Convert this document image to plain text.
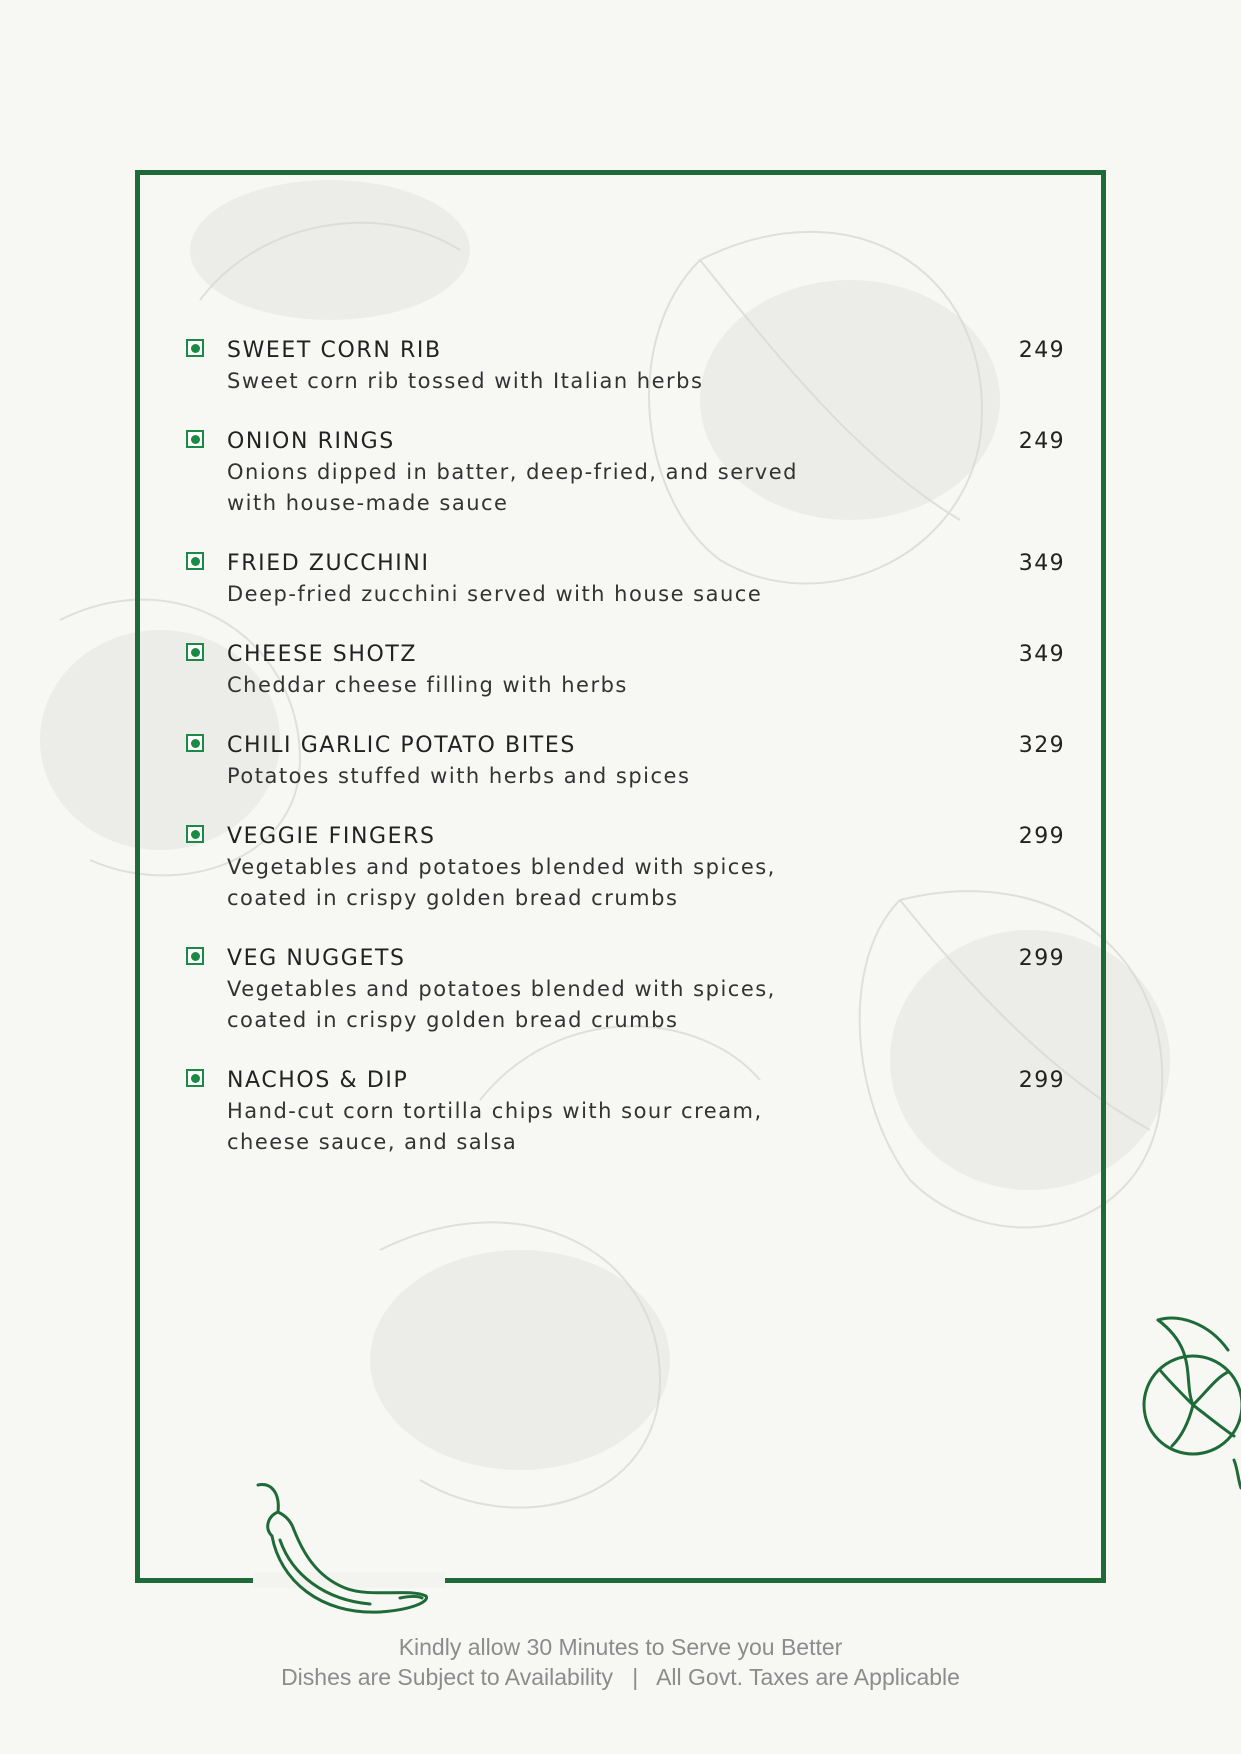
SWEET CORN RIB	249
Sweet corn rib tossed with Italian herbs
ONION RINGS	249
Onions dipped in batter, deep-fried, and served with house-made sauce
FRIED ZUCCHINI	349
Deep-fried zucchini served with house sauce
CHEESE SHOTZ	349
Cheddar cheese filling with herbs
CHILI GARLIC POTATO BITES	329
Potatoes stuffed with herbs and spices
VEGGIE FINGERS	299
Vegetables and potatoes blended with spices, coated in crispy golden bread crumbs
VEG NUGGETS	299
Vegetables and potatoes blended with spices, coated in crispy golden bread crumbs
NACHOS & DIP	299
Hand-cut corn tortilla chips with sour cream, cheese sauce, and salsa
Kindly allow 30 Minutes to Serve you Better
Dishes are Subject to Availability   |   All Govt. Taxes are Applicable
